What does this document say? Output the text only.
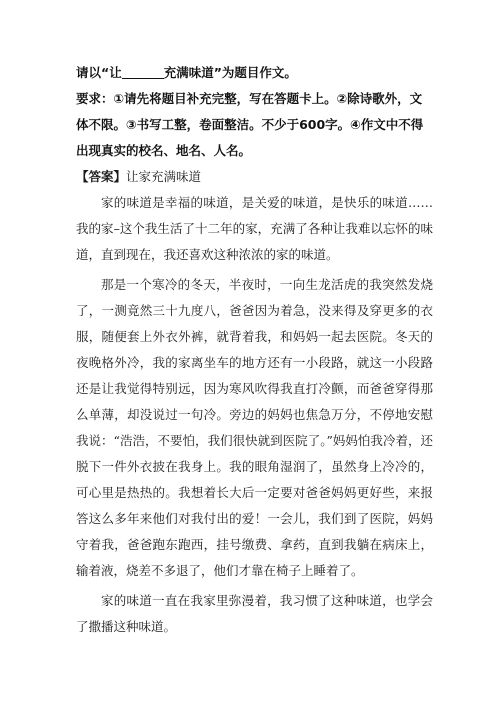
请以“让	充满味道”为题目作文。

要求：①请先将题目补充完整，写在答题卡上。②除诗歌外，文体不限。③书写工整，卷面整洁。不少于600字。④作文中不得出现真实的校名、地名、人名。

【答案】让家充满味道

家的味道是幸福的味道，是关爱的味道，是快乐的味道……我的家–这个我生活了十二年的家，充满了各种让我难以忘怀的味道，直到现在，我还喜欢这种浓浓的家的味道。

那是一个寒冷的冬天，半夜时，一向生龙活虎的我突然发烧了，一测竟然三十九度八，爸爸因为着急，没来得及穿更多的衣服，随便套上外衣外裤，就背着我，和妈妈一起去医院。冬天的夜晚格外冷，我的家离坐车的地方还有一小段路，就这一小段路还是让我觉得特别远，因为寒风吹得我直打冷颤，而爸爸穿得那么单薄，却没说过一句冷。旁边的妈妈也焦急万分，不停地安慰我说：“浩浩，不要怕，我们很快就到医院了。”妈妈怕我冷着，还脱下一件外衣披在我身上。我的眼角湿润了，虽然身上冷冷的，可心里是热热的。我想着长大后一定要对爸爸妈妈更好些，来报答这么多年来他们对我付出的爱！一会儿，我们到了医院，妈妈守着我，爸爸跑东跑西，挂号缴费、拿药，直到我躺在病床上，输着液，烧差不多退了，他们才靠在椅子上睡着了。

家的味道一直在我家里弥漫着，我习惯了这种味道，也学会了撒播这种味道。
